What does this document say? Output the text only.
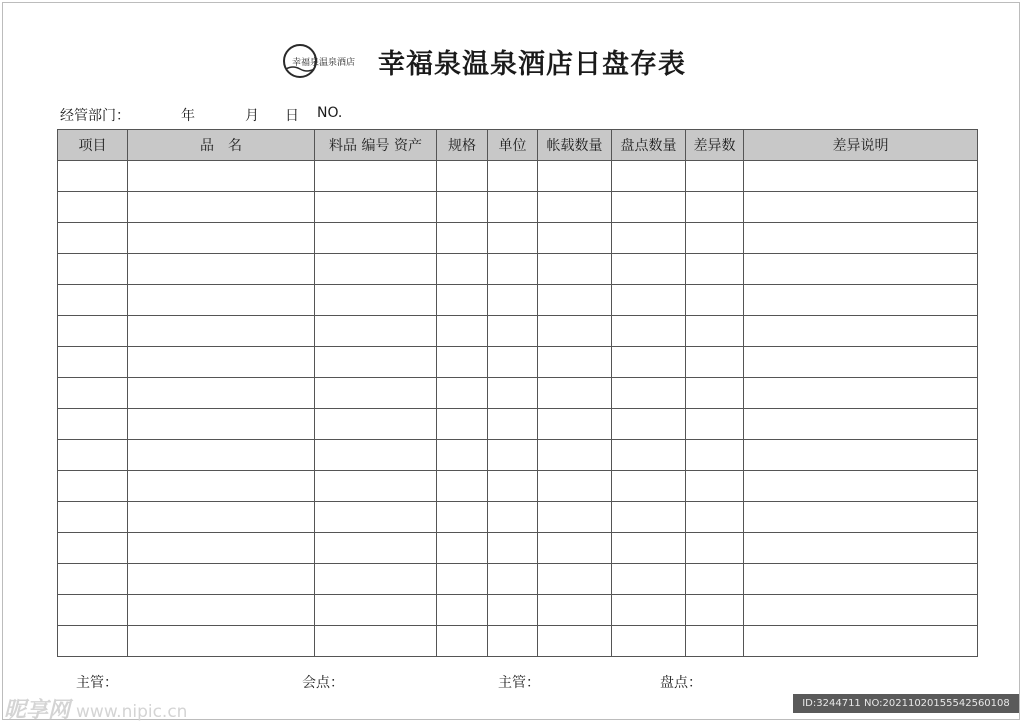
幸福泉温泉酒店 幸福泉温泉酒店日盘存表
经管部门：	年	月 日 NO.
项目	品　名	料品 编号 资产	规格	单位	帐载数量	盘点数量	差异数	差异说明

主管：	会点：	主管：	盘点：
昵享网 www.nipic.cn	ID:3244711 NO:20211020155542560108
